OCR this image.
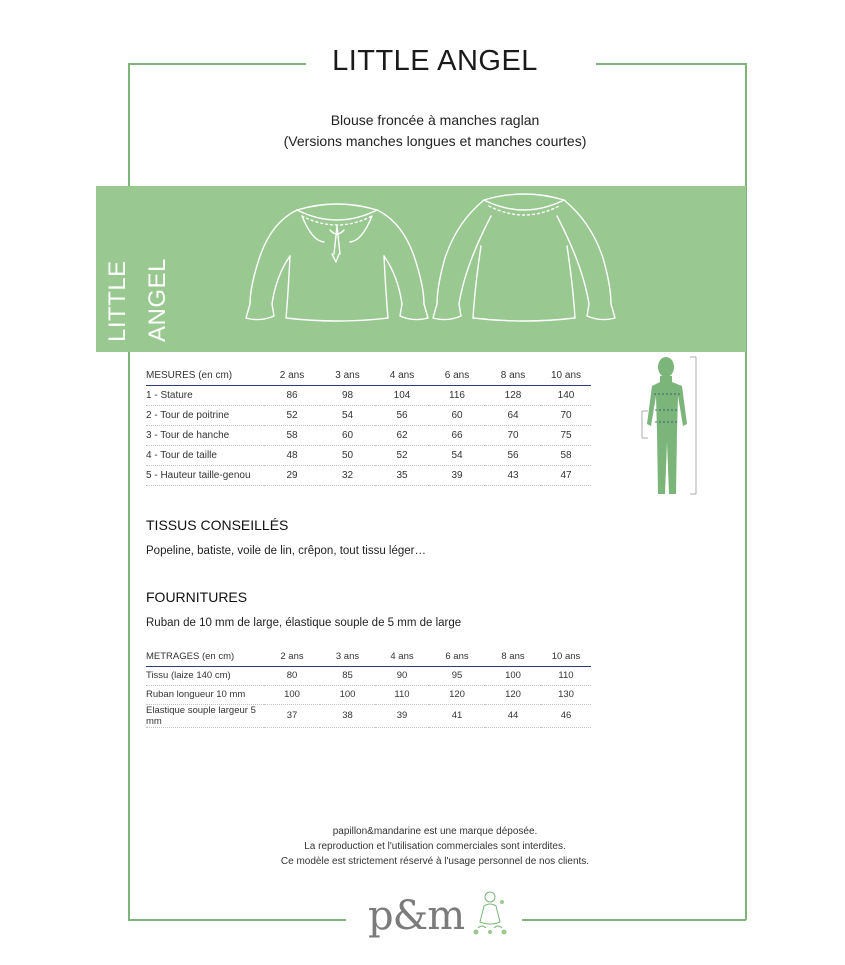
LITTLE ANGEL
Blouse froncée à manches raglan
(Versions manches longues et manches courtes)
LITTLE ANGEL
MESURES (en cm)	2 ans	3 ans	4 ans	6 ans	8 ans	10 ans
1 - Stature	86	98	104	116	128	140
2 - Tour de poitrine	52	54	56	60	64	70
3 - Tour de hanche	58	60	62	66	70	75
4 - Tour de taille	48	50	52	54	56	58
5 - Hauteur taille-genou	29	32	35	39	43	47
TISSUS CONSEILLÉS
Popeline, batiste, voile de lin, crêpon, tout tissu léger…
FOURNITURES
Ruban de 10 mm de large, élastique souple de 5 mm de large
METRAGES (en cm)	2 ans	3 ans	4 ans	6 ans	8 ans	10 ans
Tissu (laize 140 cm)	80	85	90	95	100	110
Ruban longueur 10 mm	100	100	110	120	120	130
Elastique souple largeur 5 mm	37	38	39	41	44	46
papillon&mandarine est une marque déposée.
La reproduction et l'utilisation commerciales sont interdites.
Ce modèle est strictement réservé à l'usage personnel de nos clients.
p&m
